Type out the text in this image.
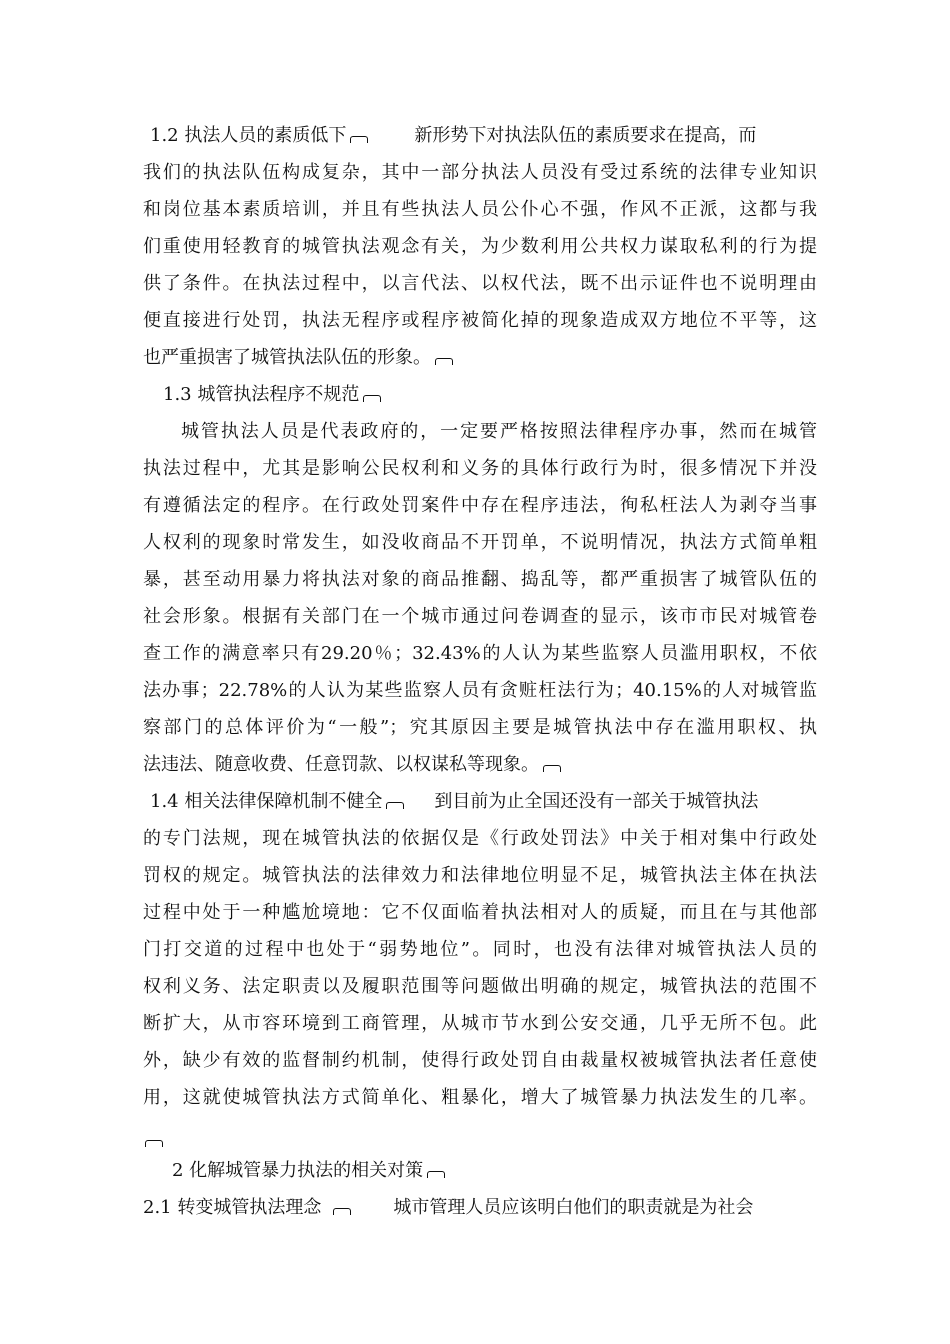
1.2 执法人员的素质低下	新形势下对执法队伍的素质要求在提高，而
我们的执法队伍构成复杂，其中一部分执法人员没有受过系统的法律专业知识
和岗位基本素质培训，并且有些执法人员公仆心不强，作风不正派，这都与我
们重使用轻教育的城管执法观念有关，为少数利用公共权力谋取私利的行为提
供了条件。在执法过程中，以言代法、以权代法，既不出示证件也不说明理由
便直接进行处罚，执法无程序或程序被简化掉的现象造成双方地位不平等，这
也严重损害了城管执法队伍的形象。
1.3 城管执法程序不规范
城管执法人员是代表政府的，一定要严格按照法律程序办事，然而在城管
执法过程中，尤其是影响公民权利和义务的具体行政行为时，很多情况下并没
有遵循法定的程序。在行政处罚案件中存在程序违法，徇私枉法人为剥夺当事
人权利的现象时常发生，如没收商品不开罚单，不说明情况，执法方式简单粗
暴，甚至动用暴力将执法对象的商品推翻、捣乱等，都严重损害了城管队伍的
社会形象。根据有关部门在一个城市通过问卷调查的显示，该市市民对城管卷
查工作的满意率只有29.20％；32.43%的人认为某些监察人员滥用职权，不依
法办事；22.78%的人认为某些监察人员有贪赃枉法行为；40.15%的人对城管监
察部门的总体评价为“一般”；究其原因主要是城管执法中存在滥用职权、执
法违法、随意收费、任意罚款、以权谋私等现象。
1.4 相关法律保障机制不健全	到目前为止全国还没有一部关于城管执法
的专门法规，现在城管执法的依据仅是《行政处罚法》中关于相对集中行政处
罚权的规定。城管执法的法律效力和法律地位明显不足，城管执法主体在执法
过程中处于一种尴尬境地：它不仅面临着执法相对人的质疑，而且在与其他部
门打交道的过程中也处于“弱势地位”。同时，也没有法律对城管执法人员的
权利义务、法定职责以及履职范围等问题做出明确的规定，城管执法的范围不
断扩大，从市容环境到工商管理，从城市节水到公安交通，几乎无所不包。此
外，缺少有效的监督制约机制，使得行政处罚自由裁量权被城管执法者任意使
用，这就使城管执法方式简单化、粗暴化，增大了城管暴力执法发生的几率。
2 化解城管暴力执法的相关对策
2.1 转变城管执法理念	城市管理人员应该明白他们的职责就是为社会
